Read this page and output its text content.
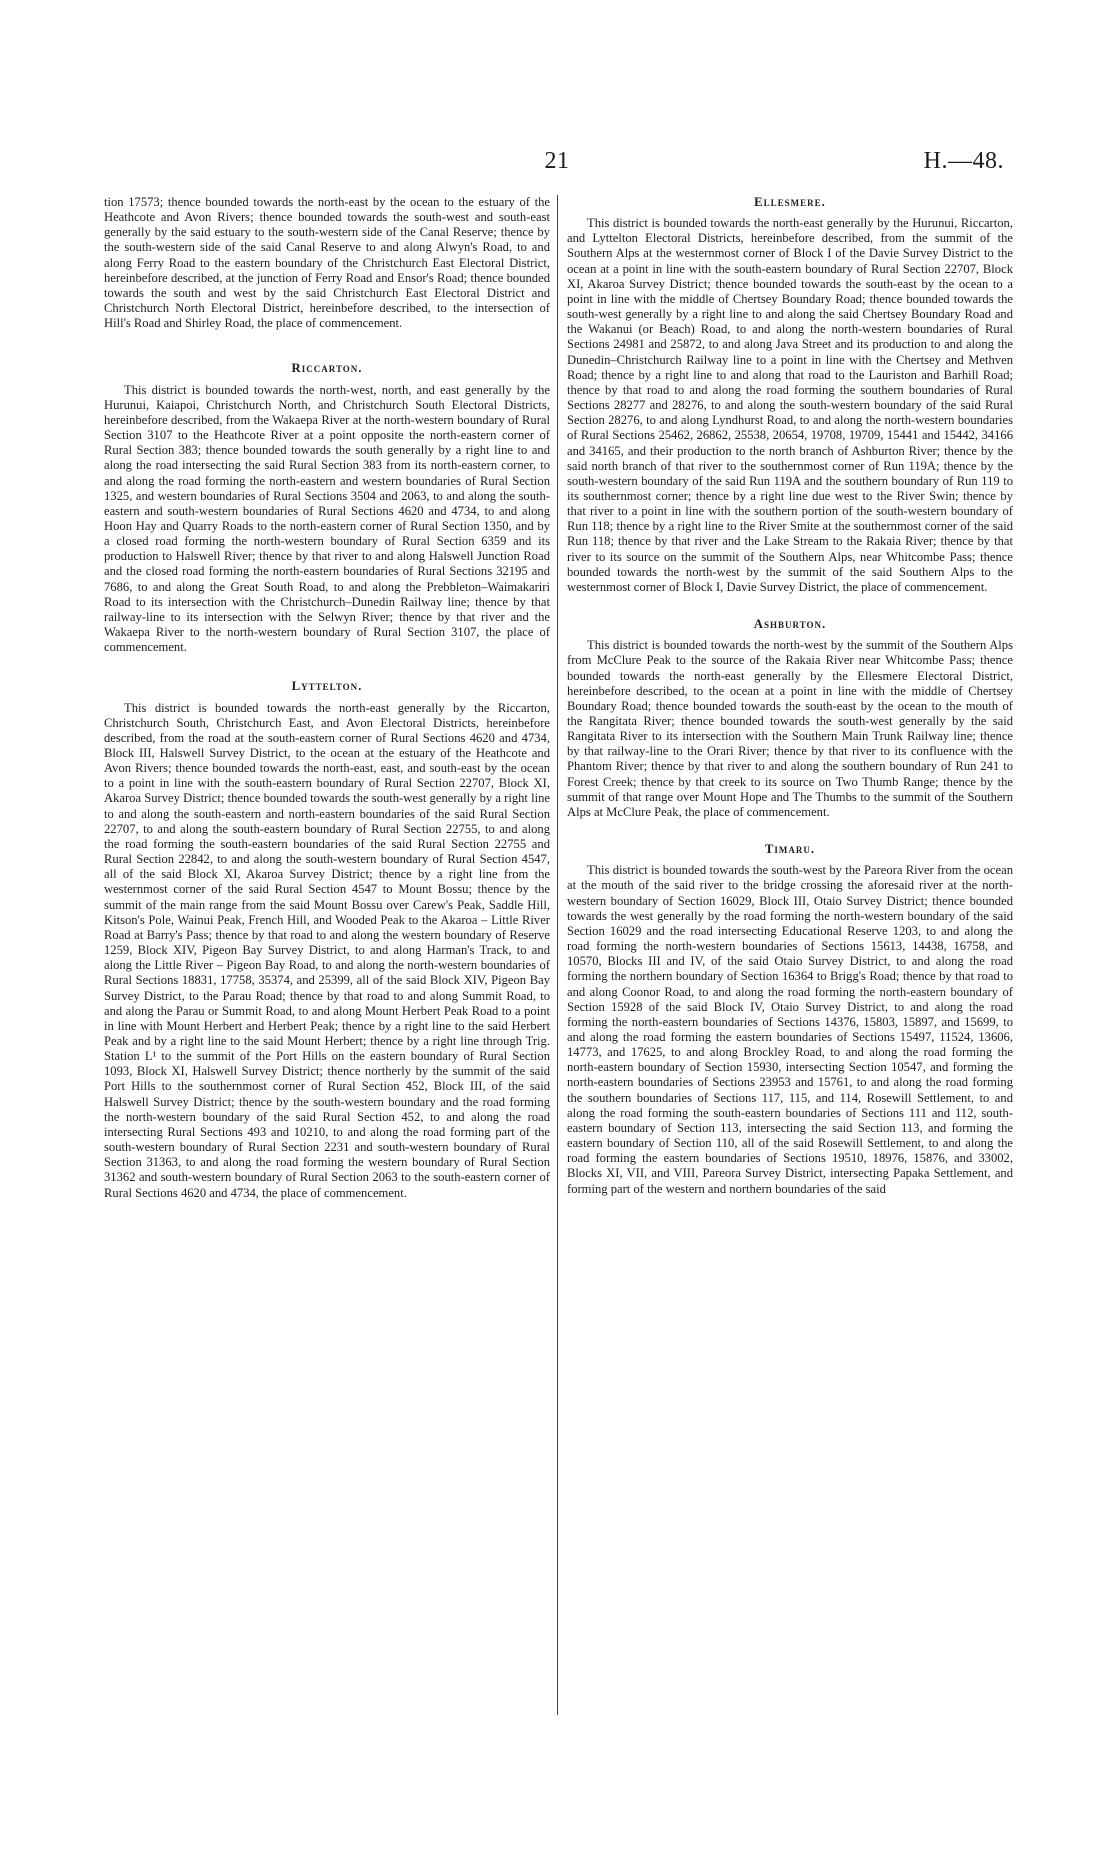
21	H.—48.

tion 17573; thence bounded towards the north-east by the ocean to the estuary of the Heathcote and Avon Rivers; thence bounded towards the south-west and south-east generally by the said estuary to the south-western side of the Canal Reserve; thence by the south-western side of the said Canal Reserve to and along Alwyn's Road, to and along Ferry Road to the eastern boundary of the Christchurch East Electoral District, hereinbefore described, at the junction of Ferry Road and Ensor's Road; thence bounded towards the south and west by the said Christchurch East Electoral District and Christchurch North Electoral District, hereinbefore described, to the intersection of Hill's Road and Shirley Road, the place of commencement.

Riccarton.

This district is bounded towards the north-west, north, and east generally by the Hurunui, Kaiapoi, Christchurch North, and Christchurch South Electoral Districts, hereinbefore described, from the Wakaepa River at the north-western boundary of Rural Section 3107 to the Heathcote River at a point opposite the north-eastern corner of Rural Section 383; thence bounded towards the south generally by a right line to and along the road intersecting the said Rural Section 383 from its north-eastern corner, to and along the road forming the north-eastern and western boundaries of Rural Section 1325, and western boundaries of Rural Sections 3504 and 2063, to and along the south-eastern and south-western boundaries of Rural Sections 4620 and 4734, to and along Hoon Hay and Quarry Roads to the north-eastern corner of Rural Section 1350, and by a closed road forming the north-western boundary of Rural Section 6359 and its production to Halswell River; thence by that river to and along Halswell Junction Road and the closed road forming the north-eastern boundaries of Rural Sections 32195 and 7686, to and along the Great South Road, to and along the Prebbleton–Waimakariri Road to its intersection with the Christchurch–Dunedin Railway line; thence by that railway-line to its intersection with the Selwyn River; thence by that river and the Wakaepa River to the north-western boundary of Rural Section 3107, the place of commencement.

Lyttelton.

This district is bounded towards the north-east generally by the Riccarton, Christchurch South, Christchurch East, and Avon Electoral Districts, hereinbefore described, from the road at the south-eastern corner of Rural Sections 4620 and 4734, Block III, Halswell Survey District, to the ocean at the estuary of the Heathcote and Avon Rivers; thence bounded towards the north-east, east, and south-east by the ocean to a point in line with the south-eastern boundary of Rural Section 22707, Block XI, Akaroa Survey District; thence bounded towards the south-west generally by a right line to and along the south-eastern and north-eastern boundaries of the said Rural Section 22707, to and along the south-eastern boundary of Rural Section 22755, to and along the road forming the south-eastern boundaries of the said Rural Section 22755 and Rural Section 22842, to and along the south-western boundary of Rural Section 4547, all of the said Block XI, Akaroa Survey District; thence by a right line from the westernmost corner of the said Rural Section 4547 to Mount Bossu; thence by the summit of the main range from the said Mount Bossu over Carew's Peak, Saddle Hill, Kitson's Pole, Wainui Peak, French Hill, and Wooded Peak to the Akaroa – Little River Road at Barry's Pass; thence by that road to and along the western boundary of Reserve 1259, Block XIV, Pigeon Bay Survey District, to and along Harman's Track, to and along the Little River – Pigeon Bay Road, to and along the north-western boundaries of Rural Sections 18831, 17758, 35374, and 25399, all of the said Block XIV, Pigeon Bay Survey District, to the Parau Road; thence by that road to and along Summit Road, to and along the Parau or Summit Road, to and along Mount Herbert Peak Road to a point in line with Mount Herbert and Herbert Peak; thence by a right line to the said Herbert Peak and by a right line to the said Mount Herbert; thence by a right line through Trig. Station L¹ to the summit of the Port Hills on the eastern boundary of Rural Section 1093, Block XI, Halswell Survey District; thence northerly by the summit of the said Port Hills to the southernmost corner of Rural Section 452, Block III, of the said Halswell Survey District; thence by the south-western boundary and the road forming the north-western boundary of the said Rural Section 452, to and along the road intersecting Rural Sections 493 and 10210, to and along the road forming part of the south-western boundary of Rural Section 2231 and south-western boundary of Rural Section 31363, to and along the road forming the western boundary of Rural Section 31362 and south-western boundary of Rural Section 2063 to the south-eastern corner of Rural Sections 4620 and 4734, the place of commencement.

Ellesmere.

This district is bounded towards the north-east generally by the Hurunui, Riccarton, and Lyttelton Electoral Districts, hereinbefore described, from the summit of the Southern Alps at the westernmost corner of Block I of the Davie Survey District to the ocean at a point in line with the south-eastern boundary of Rural Section 22707, Block XI, Akaroa Survey District; thence bounded towards the south-east by the ocean to a point in line with the middle of Chertsey Boundary Road; thence bounded towards the south-west generally by a right line to and along the said Chertsey Boundary Road and the Wakanui (or Beach) Road, to and along the north-western boundaries of Rural Sections 24981 and 25872, to and along Java Street and its production to and along the Dunedin–Christchurch Railway line to a point in line with the Chertsey and Methven Road; thence by a right line to and along that road to the Lauriston and Barhill Road; thence by that road to and along the road forming the southern boundaries of Rural Sections 28277 and 28276, to and along the south-western boundary of the said Rural Section 28276, to and along Lyndhurst Road, to and along the north-western boundaries of Rural Sections 25462, 26862, 25538, 20654, 19708, 19709, 15441 and 15442, 34166 and 34165, and their production to the north branch of Ashburton River; thence by the said north branch of that river to the southernmost corner of Run 119A; thence by the south-western boundary of the said Run 119A and the southern boundary of Run 119 to its southernmost corner; thence by a right line due west to the River Swin; thence by that river to a point in line with the southern portion of the south-western boundary of Run 118; thence by a right line to the River Smite at the southernmost corner of the said Run 118; thence by that river and the Lake Stream to the Rakaia River; thence by that river to its source on the summit of the Southern Alps, near Whitcombe Pass; thence bounded towards the north-west by the summit of the said Southern Alps to the westernmost corner of Block I, Davie Survey District, the place of commencement.

Ashburton.

This district is bounded towards the north-west by the summit of the Southern Alps from McClure Peak to the source of the Rakaia River near Whitcombe Pass; thence bounded towards the north-east generally by the Ellesmere Electoral District, hereinbefore described, to the ocean at a point in line with the middle of Chertsey Boundary Road; thence bounded towards the south-east by the ocean to the mouth of the Rangitata River; thence bounded towards the south-west generally by the said Rangitata River to its intersection with the Southern Main Trunk Railway line; thence by that railway-line to the Orari River; thence by that river to its confluence with the Phantom River; thence by that river to and along the southern boundary of Run 241 to Forest Creek; thence by that creek to its source on Two Thumb Range; thence by the summit of that range over Mount Hope and The Thumbs to the summit of the Southern Alps at McClure Peak, the place of commencement.

Timaru.

This district is bounded towards the south-west by the Pareora River from the ocean at the mouth of the said river to the bridge crossing the aforesaid river at the north-western boundary of Section 16029, Block III, Otaio Survey District; thence bounded towards the west generally by the road forming the north-western boundary of the said Section 16029 and the road intersecting Educational Reserve 1203, to and along the road forming the north-western boundaries of Sections 15613, 14438, 16758, and 10570, Blocks III and IV, of the said Otaio Survey District, to and along the road forming the northern boundary of Section 16364 to Brigg's Road; thence by that road to and along Coonor Road, to and along the road forming the north-eastern boundary of Section 15928 of the said Block IV, Otaio Survey District, to and along the road forming the north-eastern boundaries of Sections 14376, 15803, 15897, and 15699, to and along the road forming the eastern boundaries of Sections 15497, 11524, 13606, 14773, and 17625, to and along Brockley Road, to and along the road forming the north-eastern boundary of Section 15930, intersecting Section 10547, and forming the north-eastern boundaries of Sections 23953 and 15761, to and along the road forming the southern boundaries of Sections 117, 115, and 114, Rosewill Settlement, to and along the road forming the south-eastern boundaries of Sections 111 and 112, south-eastern boundary of Section 113, intersecting the said Section 113, and forming the eastern boundary of Section 110, all of the said Rosewill Settlement, to and along the road forming the eastern boundaries of Sections 19510, 18976, 15876, and 33002, Blocks XI, VII, and VIII, Pareora Survey District, intersecting Papaka Settlement, and forming part of the western and northern boundaries of the said
